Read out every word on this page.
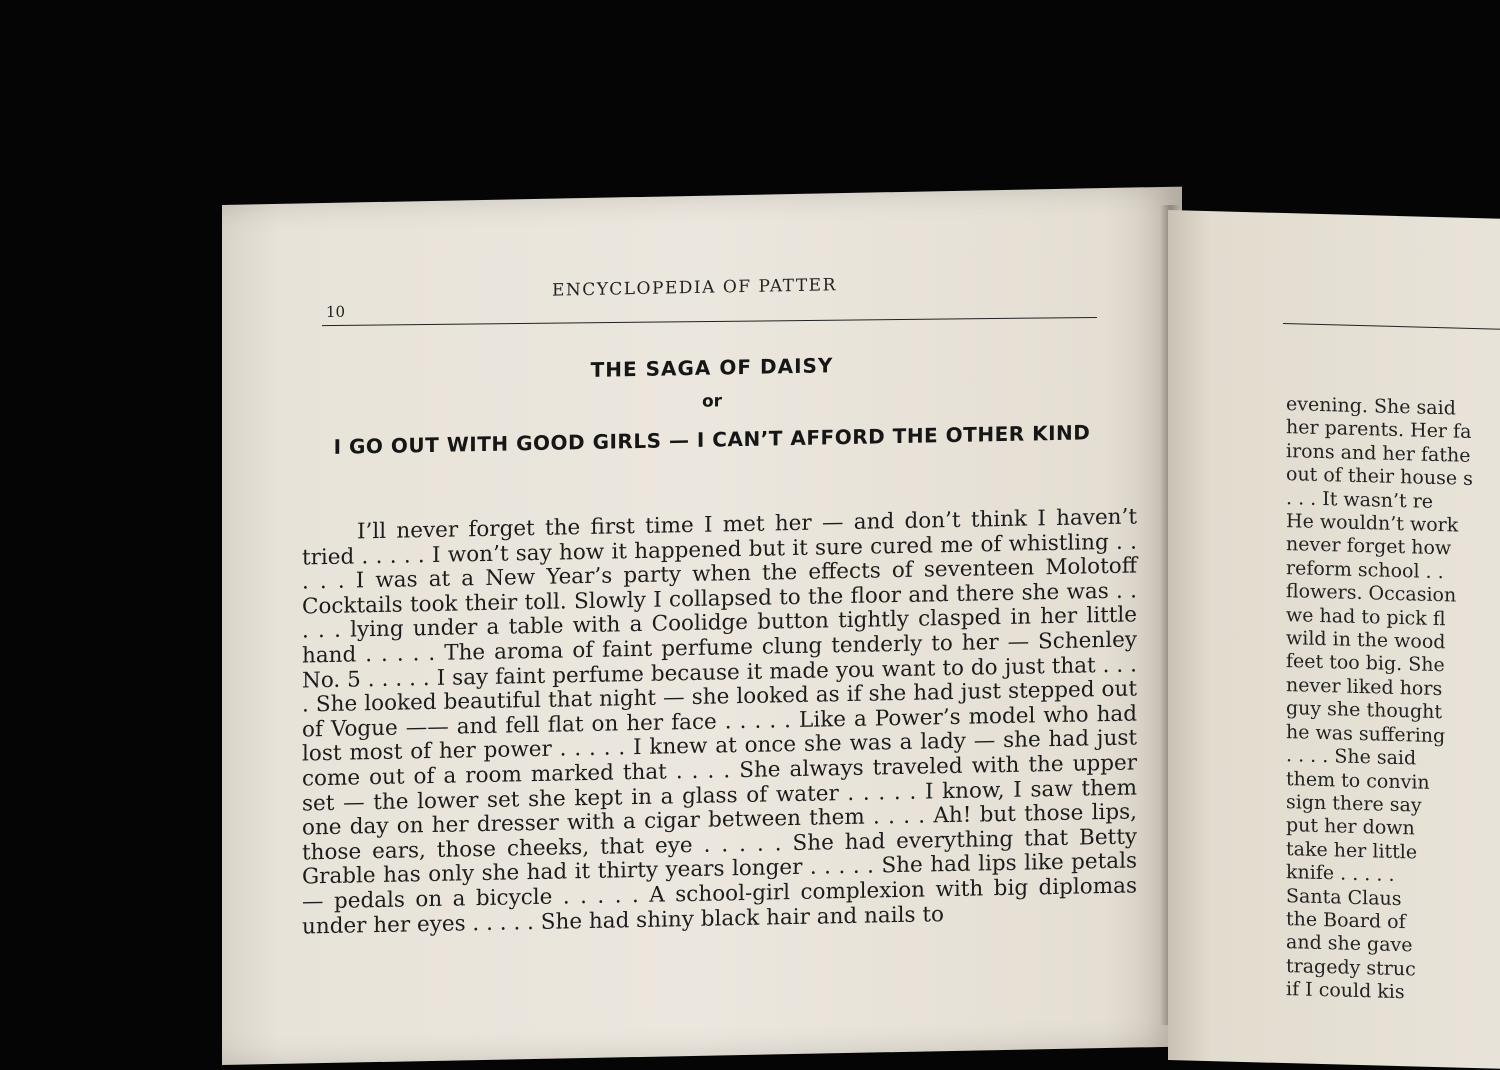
10
ENCYCLOPEDIA OF PATTER
THE SAGA OF DAISY
or
I GO OUT WITH GOOD GIRLS — I CAN’T AFFORD THE OTHER KIND
I’ll never forget the first time I met her — and don’t think I haven’t tried . . . . . I won’t say how it happened but it sure cured me of whistling . . . . . I was at a New Year’s party when the effects of seventeen Molotoff Cocktails took their toll. Slowly I collapsed to the floor and there she was . . . . . lying under a table with a Coolidge button tightly clasped in her little hand . . . . . The aroma of faint perfume clung tenderly to her — Schenley No. 5 . . . . . I say faint perfume because it made you want to do just that . . . . She looked beautiful that night — she looked as if she had just stepped out of Vogue —— and fell flat on her face . . . . . Like a Power’s model who had lost most of her power . . . . . I knew at once she was a lady — she had just come out of a room marked that . . . . She always traveled with the upper set — the lower set she kept in a glass of water . . . . . I know, I saw them one day on her dresser with a cigar between them . . . . Ah! but those lips, those ears, those cheeks, that eye . . . . . She had everything that Betty Grable has only she had it thirty years longer . . . . . She had lips like petals — pedals on a bicycle . . . . . A school-girl complexion with big diplomas under her eyes . . . . . She had shiny black hair and nails to
evening. She said
her parents. Her fa
irons and her fathe
out of their house s
. . . It wasn’t re
He wouldn’t work
never forget how
reform school . .
flowers. Occasion
we had to pick fl
wild in the wood
feet too big. She
never liked hors
guy she thought
he was suffering
. . . . She said
them to convin
sign there say
put her down
take her little
knife . . . . .
Santa Claus
the Board of
and she gave
tragedy struc
if I could kis
